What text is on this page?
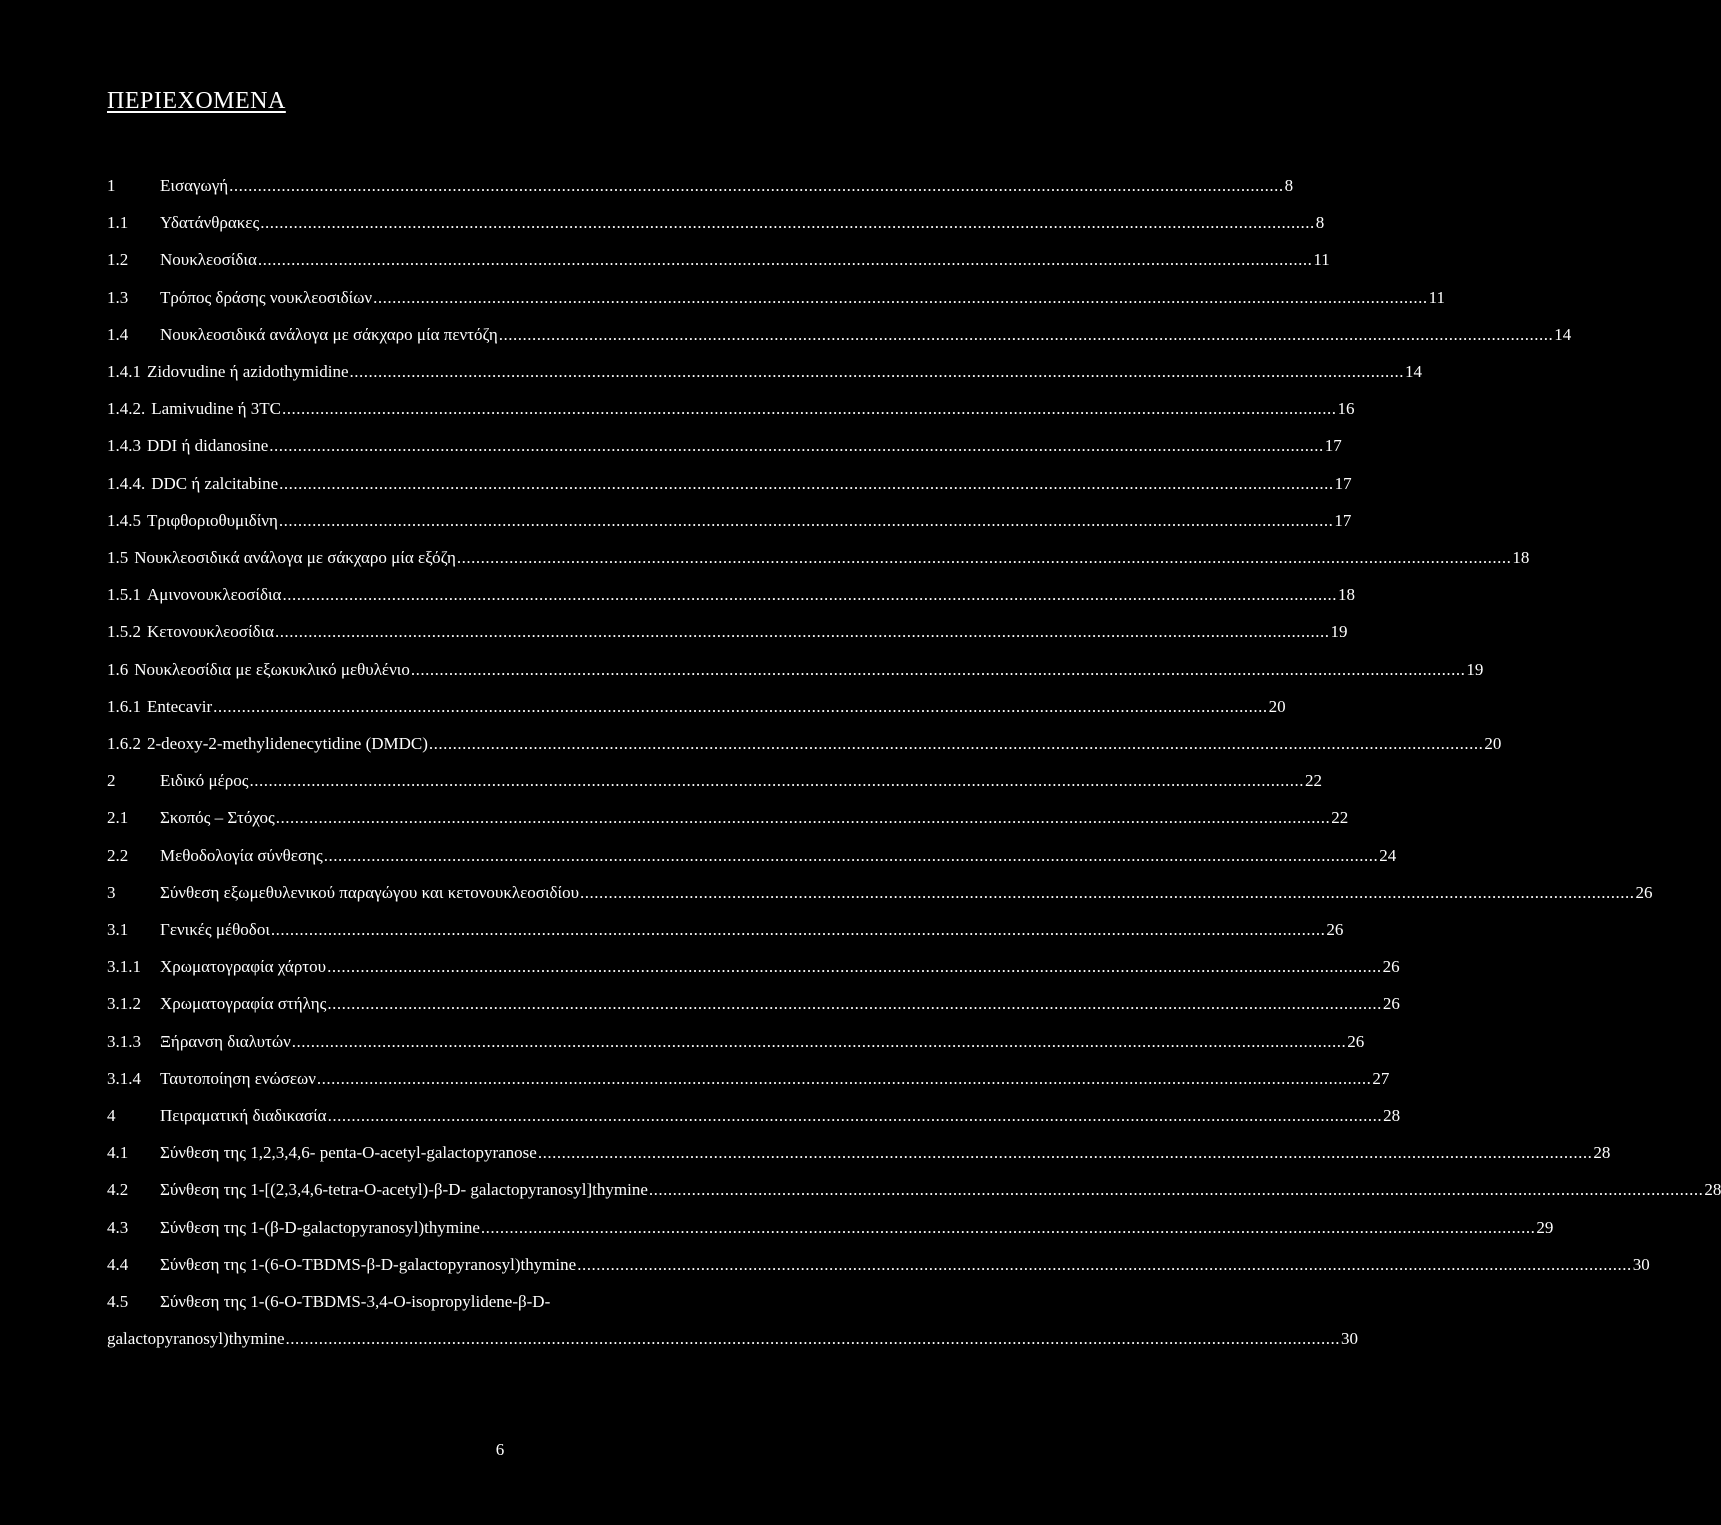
ΠΕΡΙΕΧΟΜΕΝΑ
1	Εισαγωγή .....	8
1.1	Υδατάνθρακες .....	8
1.2	Νουκλεοσίδια .....	11
1.3	Τρόπος δράσης νουκλεοσιδίων .....	11
1.4	Νουκλεοσιδικά ανάλογα με σάκχαρο μία πεντόζη .....	14
1.4.1 Zidovudine ή azidothymidine .....	14
1.4.2. Lamivudine ή 3TC .....	16
1.4.3 DDI ή didanosine .....	17
1.4.4. DDC ή zalcitabine .....	17
1.4.5 Τριφθοριοθυμιδίνη .....	17
1.5 Νουκλεοσιδικά ανάλογα με σάκχαρο μία εξόζη .....	18
1.5.1 Αμινονουκλεοσίδια .....	18
1.5.2 Κετονουκλεοσίδια .....	19
1.6 Νουκλεοσίδια με εξωκυκλικό μεθυλένιο .....	19
1.6.1 Entecavir .....	20
1.6.2 2-deoxy-2-methylidenecytidine (DMDC) .....	20
2	Ειδικό μέρος .....	22
2.1	Σκοπός – Στόχος .....	22
2.2	Μεθοδολογία σύνθεσης .....	24
3	Σύνθεση εξωμεθυλενικού παραγώγου και κετονουκλεοσιδίου .....	26
3.1	Γενικές μέθοδοι .....	26
3.1.1	Χρωματογραφία χάρτου .....	26
3.1.2	Χρωματογραφία στήλης .....	26
3.1.3	Ξήρανση διαλυτών .....	26
3.1.4	Ταυτοποίηση ενώσεων .....	27
4	Πειραματική διαδικασία .....	28
4.1	Σύνθεση της 1,2,3,4,6- penta-O-acetyl-galactopyranose .....	28
4.2	Σύνθεση της 1-[(2,3,4,6-tetra-O-acetyl)-β-D- galactopyranosyl]thymine .....	28
4.3	Σύνθεση της 1-(β-D-galactopyranosyl)thymine .....	29
4.4	Σύνθεση της 1-(6-O-TBDMS-β-D-galactopyranosyl)thymine .....	30
4.5	Σύνθεση της 1-(6-O-TBDMS-3,4-O-isopropylidene-β-D-
galactopyranosyl)thymine .....	30
6
